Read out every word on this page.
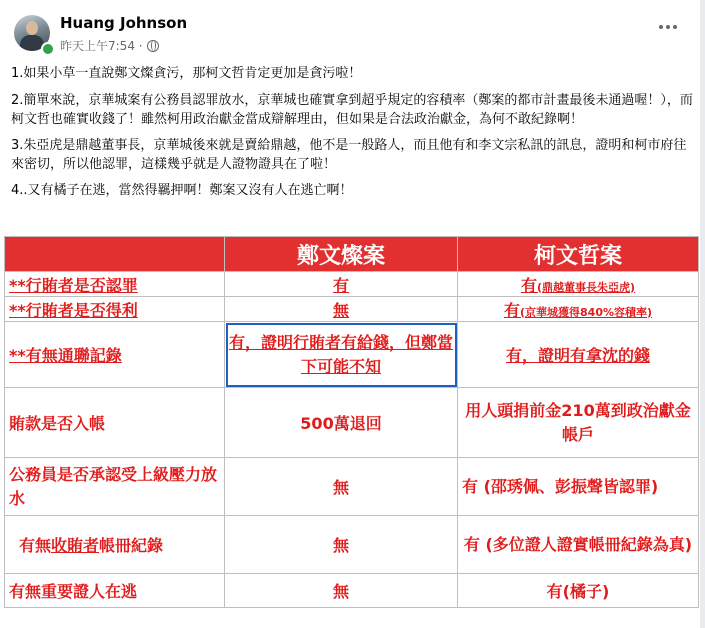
Huang Johnson
昨天上午7:54 ·

1.如果小草一直說鄭文燦貪污，那柯文哲肯定更加是貪污啦！

2.簡單來說，京華城案有公務員認罪放水，京華城也確實拿到超乎規定的容積率（鄭案的都市計畫最後未通過喔！），而柯文哲也確實收錢了！雖然柯用政治獻金當成辯解理由，但如果是合法政治獻金，為何不敢紀錄啊！

3.朱亞虎是鼎越董事長，京華城後來就是賣給鼎越，他不是一般路人，而且他有和李文宗私訊的訊息，證明和柯市府往來密切，所以他認罪，這樣幾乎就是人證物證具在了啦！

4..又有橘子在逃，當然得羈押啊！鄭案又沒有人在逃亡啊！

	鄭文燦案	柯文哲案
**行賄者是否認罪	有	有(鼎越董事長朱亞虎)
**行賄者是否得利	無	有(京華城獲得840%容積率)
**有無通聯記錄	有，證明行賄者有給錢，但鄭當下可能不知	有，證明有拿沈的錢
賄款是否入帳	500萬退回	用人頭捐前金210萬到政治獻金帳戶
公務員是否承認受上級壓力放水	無	有 (邵琇佩、彭振聲皆認罪)
有無收賄者帳冊紀錄	無	有 (多位證人證實帳冊紀錄為真)
有無重要證人在逃	無	有(橘子)
